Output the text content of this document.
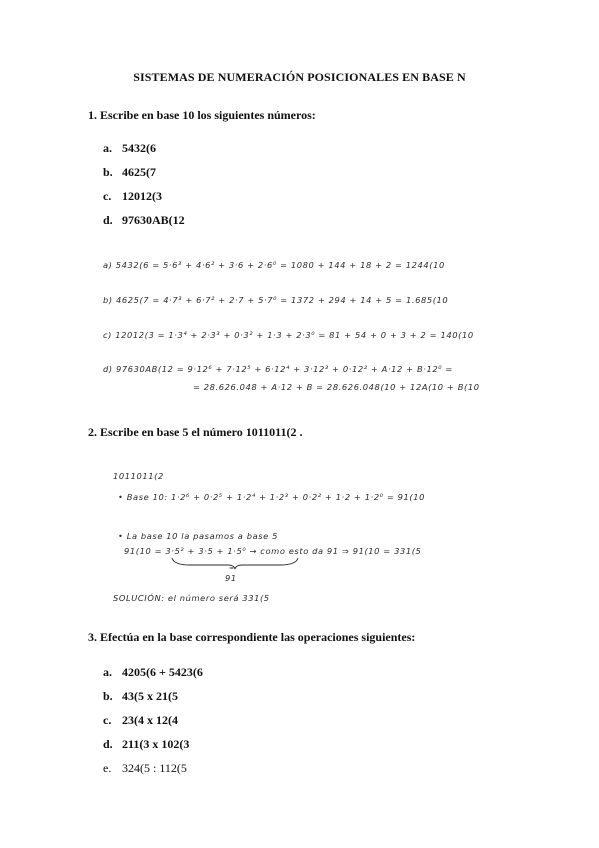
SISTEMAS DE NUMERACIÓN POSICIONALES EN BASE N
1. Escribe en base 10 los siguientes números:
a. 5432(6
b. 4625(7
c. 12012(3
d. 97630AB(12
a) 5432(6 = 5·6³ + 4·6² + 3·6 + 2·6⁰ = 1080 + 144 + 18 + 2 = 1244(10
b) 4625(7 = 4·7³ + 6·7² + 2·7 + 5·7⁰ = 1372 + 294 + 14 + 5 = 1.685(10
c) 12012(3 = 1·3⁴ + 2·3³ + 0·3² + 1·3 + 2·3⁰ = 81 + 54 + 0 + 3 + 2 = 140(10
d) 97630AB(12 = 9·12⁶ + 7·12⁵ + 6·12⁴ + 3·12³ + 0·12² + A·12 + B·12⁰ =
= 28.626.048 + A·12 + B = 28.626.048(10 + 12A(10 + B(10
2. Escribe en base 5 el número 1011011(2 .
1011011(2
• Base 10: 1·2⁶ + 0·2⁵ + 1·2⁴ + 1·2³ + 0·2² + 1·2 + 1·2⁰ = 91(10
• La base 10 la pasamos a base 5
91(10 = 3·5² + 3·5 + 1·5⁰ → como esto da 91 ⇒ 91(10 = 331(5
=
91
SOLUCIÓN: el número será 331(5
3. Efectúa en la base correspondiente las operaciones siguientes:
a. 4205(6 + 5423(6
b. 43(5 x 21(5
c. 23(4 x 12(4
d. 211(3 x 102(3
e. 324(5 : 112(5
